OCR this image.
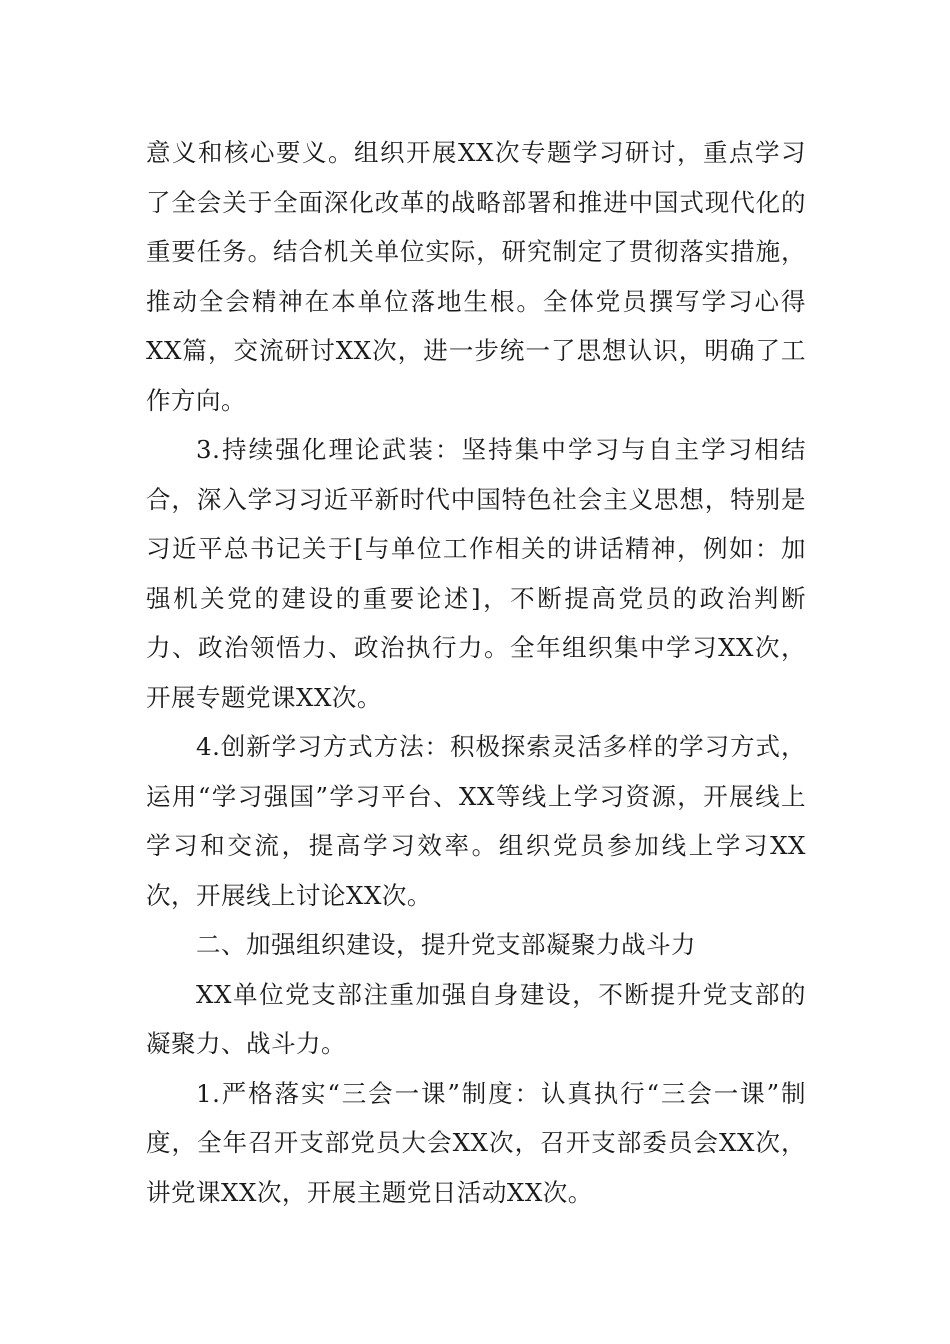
意义和核心要义。组织开展XX次专题学习研讨，重点学习了全会关于全面深化改革的战略部署和推进中国式现代化的重要任务。结合机关单位实际，研究制定了贯彻落实措施，推动全会精神在本单位落地生根。全体党员撰写学习心得XX篇，交流研讨XX次，进一步统一了思想认识，明确了工作方向。

3.持续强化理论武装：坚持集中学习与自主学习相结合，深入学习习近平新时代中国特色社会主义思想，特别是习近平总书记关于[与单位工作相关的讲话精神，例如：加强机关党的建设的重要论述]，不断提高党员的政治判断力、政治领悟力、政治执行力。全年组织集中学习XX次，开展专题党课XX次。

4.创新学习方式方法：积极探索灵活多样的学习方式，运用“学习强国”学习平台、XX等线上学习资源，开展线上学习和交流，提高学习效率。组织党员参加线上学习XX次，开展线上讨论XX次。

二、加强组织建设，提升党支部凝聚力战斗力

XX单位党支部注重加强自身建设，不断提升党支部的凝聚力、战斗力。

1.严格落实“三会一课”制度：认真执行“三会一课”制度，全年召开支部党员大会XX次，召开支部委员会XX次，讲党课XX次，开展主题党日活动XX次。
